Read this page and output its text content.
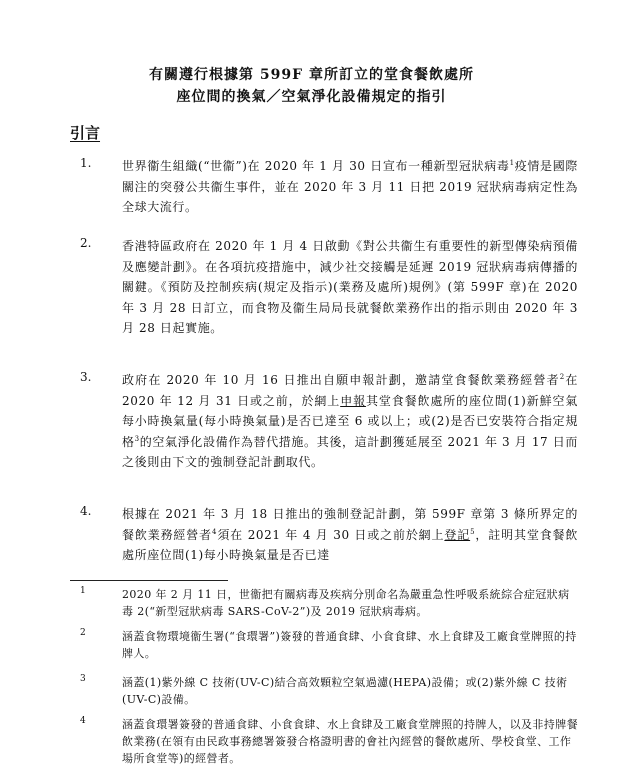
有關遵行根據第 599F 章所訂立的堂食餐飲處所
座位間的換氣／空氣淨化設備規定的指引
引言
1.	世界衞生組織(“世衞”)在 2020 年 1 月 30 日宣布一種新型冠狀病毒$^1$疫情是國際關注的突發公共衞生事件，並在 2020 年 3 月 11 日把 2019 冠狀病毒病定性為全球大流行。
2.	香港特區政府在 2020 年 1 月 4 日啟動《對公共衞生有重要性的新型傳染病預備及應變計劃》。在各項抗疫措施中，減少社交接觸是延遲 2019 冠狀病毒病傳播的關鍵。《預防及控制疾病(規定及指示)(業務及處所)規例》(第 599F 章)在 2020 年 3 月 28 日訂立，而食物及衞生局局長就餐飲業務作出的指示則由 2020 年 3 月 28 日起實施。
3.	政府在 2020 年 10 月 16 日推出自願申報計劃，邀請堂食餐飲業務經營者$^2$在 2020 年 12 月 31 日或之前，於網上申報其堂食餐飲處所的座位間(1)新鮮空氣每小時換氣量(每小時換氣量)是否已達至 6 或以上；或(2)是否已安裝符合指定規格$^3$的空氣淨化設備作為替代措施。其後，這計劃獲延展至 2021 年 3 月 17 日而之後則由下文的強制登記計劃取代。
4.	根據在 2021 年 3 月 18 日推出的強制登記計劃，第 599F 章第 3 條所界定的餐飲業務經營者$^4$須在 2021 年 4 月 30 日或之前於網上登記$^5$，註明其堂食餐飲處所座位間(1)每小時換氣量是否已達
1	2020 年 2 月 11 日，世衞把有關病毒及疾病分別命名為嚴重急性呼吸系統綜合症冠狀病毒 2(“新型冠狀病毒 SARS-CoV-2”)及 2019 冠狀病毒病。
2	涵蓋食物環境衞生署(“食環署”)簽發的普通食肆、小食食肆、水上食肆及工廠食堂牌照的持牌人。
3	涵蓋(1)紫外線 C 技術(UV-C)結合高效顆粒空氣過濾(HEPA)設備；或(2)紫外線 C 技術(UV-C)設備。
4	涵蓋食環署簽發的普通食肆、小食食肆、水上食肆及工廠食堂牌照的持牌人，以及非持牌餐飲業務(在領有由民政事務總署簽發合格證明書的會社內經營的餐飲處所、學校食堂、工作場所食堂等)的經營者。
